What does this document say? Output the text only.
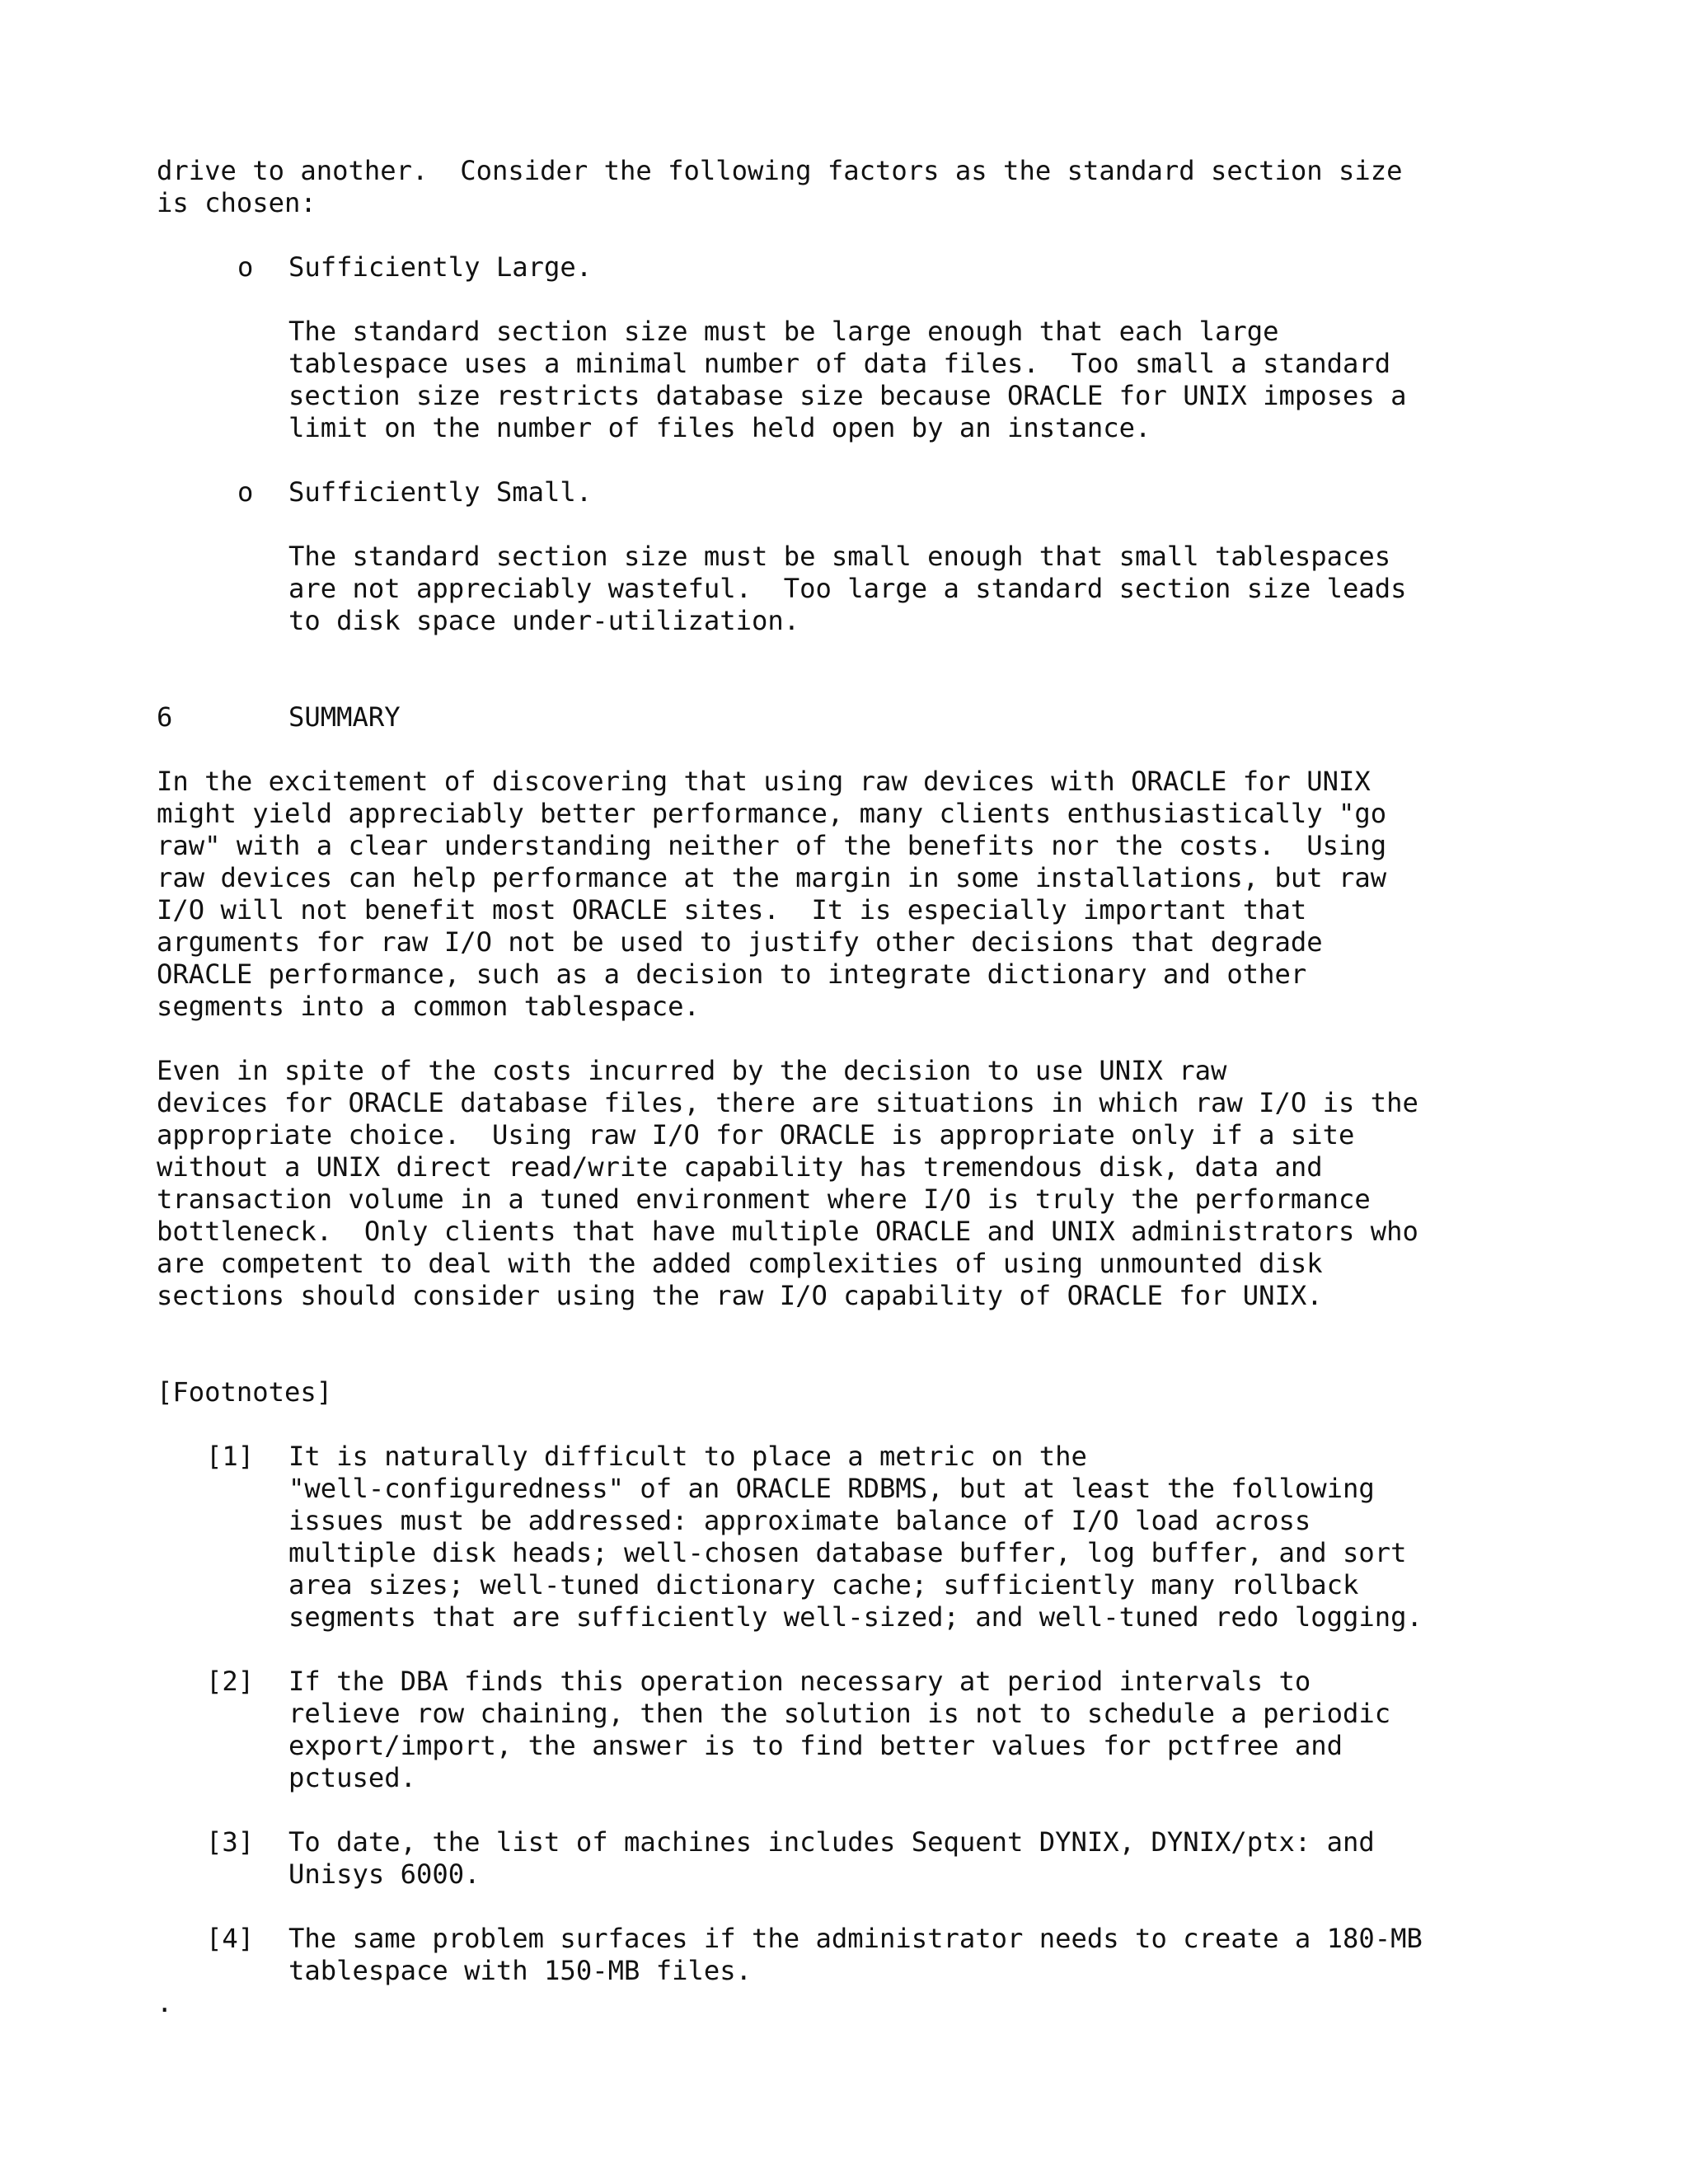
drive to another.  Consider the following factors as the standard section size
is chosen:
o	Sufficiently Large.
The standard section size must be large enough that each large
tablespace uses a minimal number of data files.  Too small a standard
section size restricts database size because ORACLE for UNIX imposes a
limit on the number of files held open by an instance.
o	Sufficiently Small.
The standard section size must be small enough that small tablespaces
are not appreciably wasteful.  Too large a standard section size leads
to disk space under-utilization.
6	SUMMARY
In the excitement of discovering that using raw devices with ORACLE for UNIX
might yield appreciably better performance, many clients enthusiastically "go
raw" with a clear understanding neither of the benefits nor the costs.  Using
raw devices can help performance at the margin in some installations, but raw
I/O will not benefit most ORACLE sites.  It is especially important that
arguments for raw I/O not be used to justify other decisions that degrade
ORACLE performance, such as a decision to integrate dictionary and other
segments into a common tablespace.
Even in spite of the costs incurred by the decision to use UNIX raw
devices for ORACLE database files, there are situations in which raw I/O is the
appropriate choice.  Using raw I/O for ORACLE is appropriate only if a site
without a UNIX direct read/write capability has tremendous disk, data and
transaction volume in a tuned environment where I/O is truly the performance
bottleneck.  Only clients that have multiple ORACLE and UNIX administrators who
are competent to deal with the added complexities of using unmounted disk
sections should consider using the raw I/O capability of ORACLE for UNIX.
[Footnotes]
[1]	It is naturally difficult to place a metric on the
"well-configuredness" of an ORACLE RDBMS, but at least the following
issues must be addressed: approximate balance of I/O load across
multiple disk heads; well-chosen database buffer, log buffer, and sort
area sizes; well-tuned dictionary cache; sufficiently many rollback
segments that are sufficiently well-sized; and well-tuned redo logging.
[2]	If the DBA finds this operation necessary at period intervals to
relieve row chaining, then the solution is not to schedule a periodic
export/import, the answer is to find better values for pctfree and
pctused.
[3]	To date, the list of machines includes Sequent DYNIX, DYNIX/ptx: and
Unisys 6000.
[4]	The same problem surfaces if the administrator needs to create a 180-MB
tablespace with 150-MB files.
.
